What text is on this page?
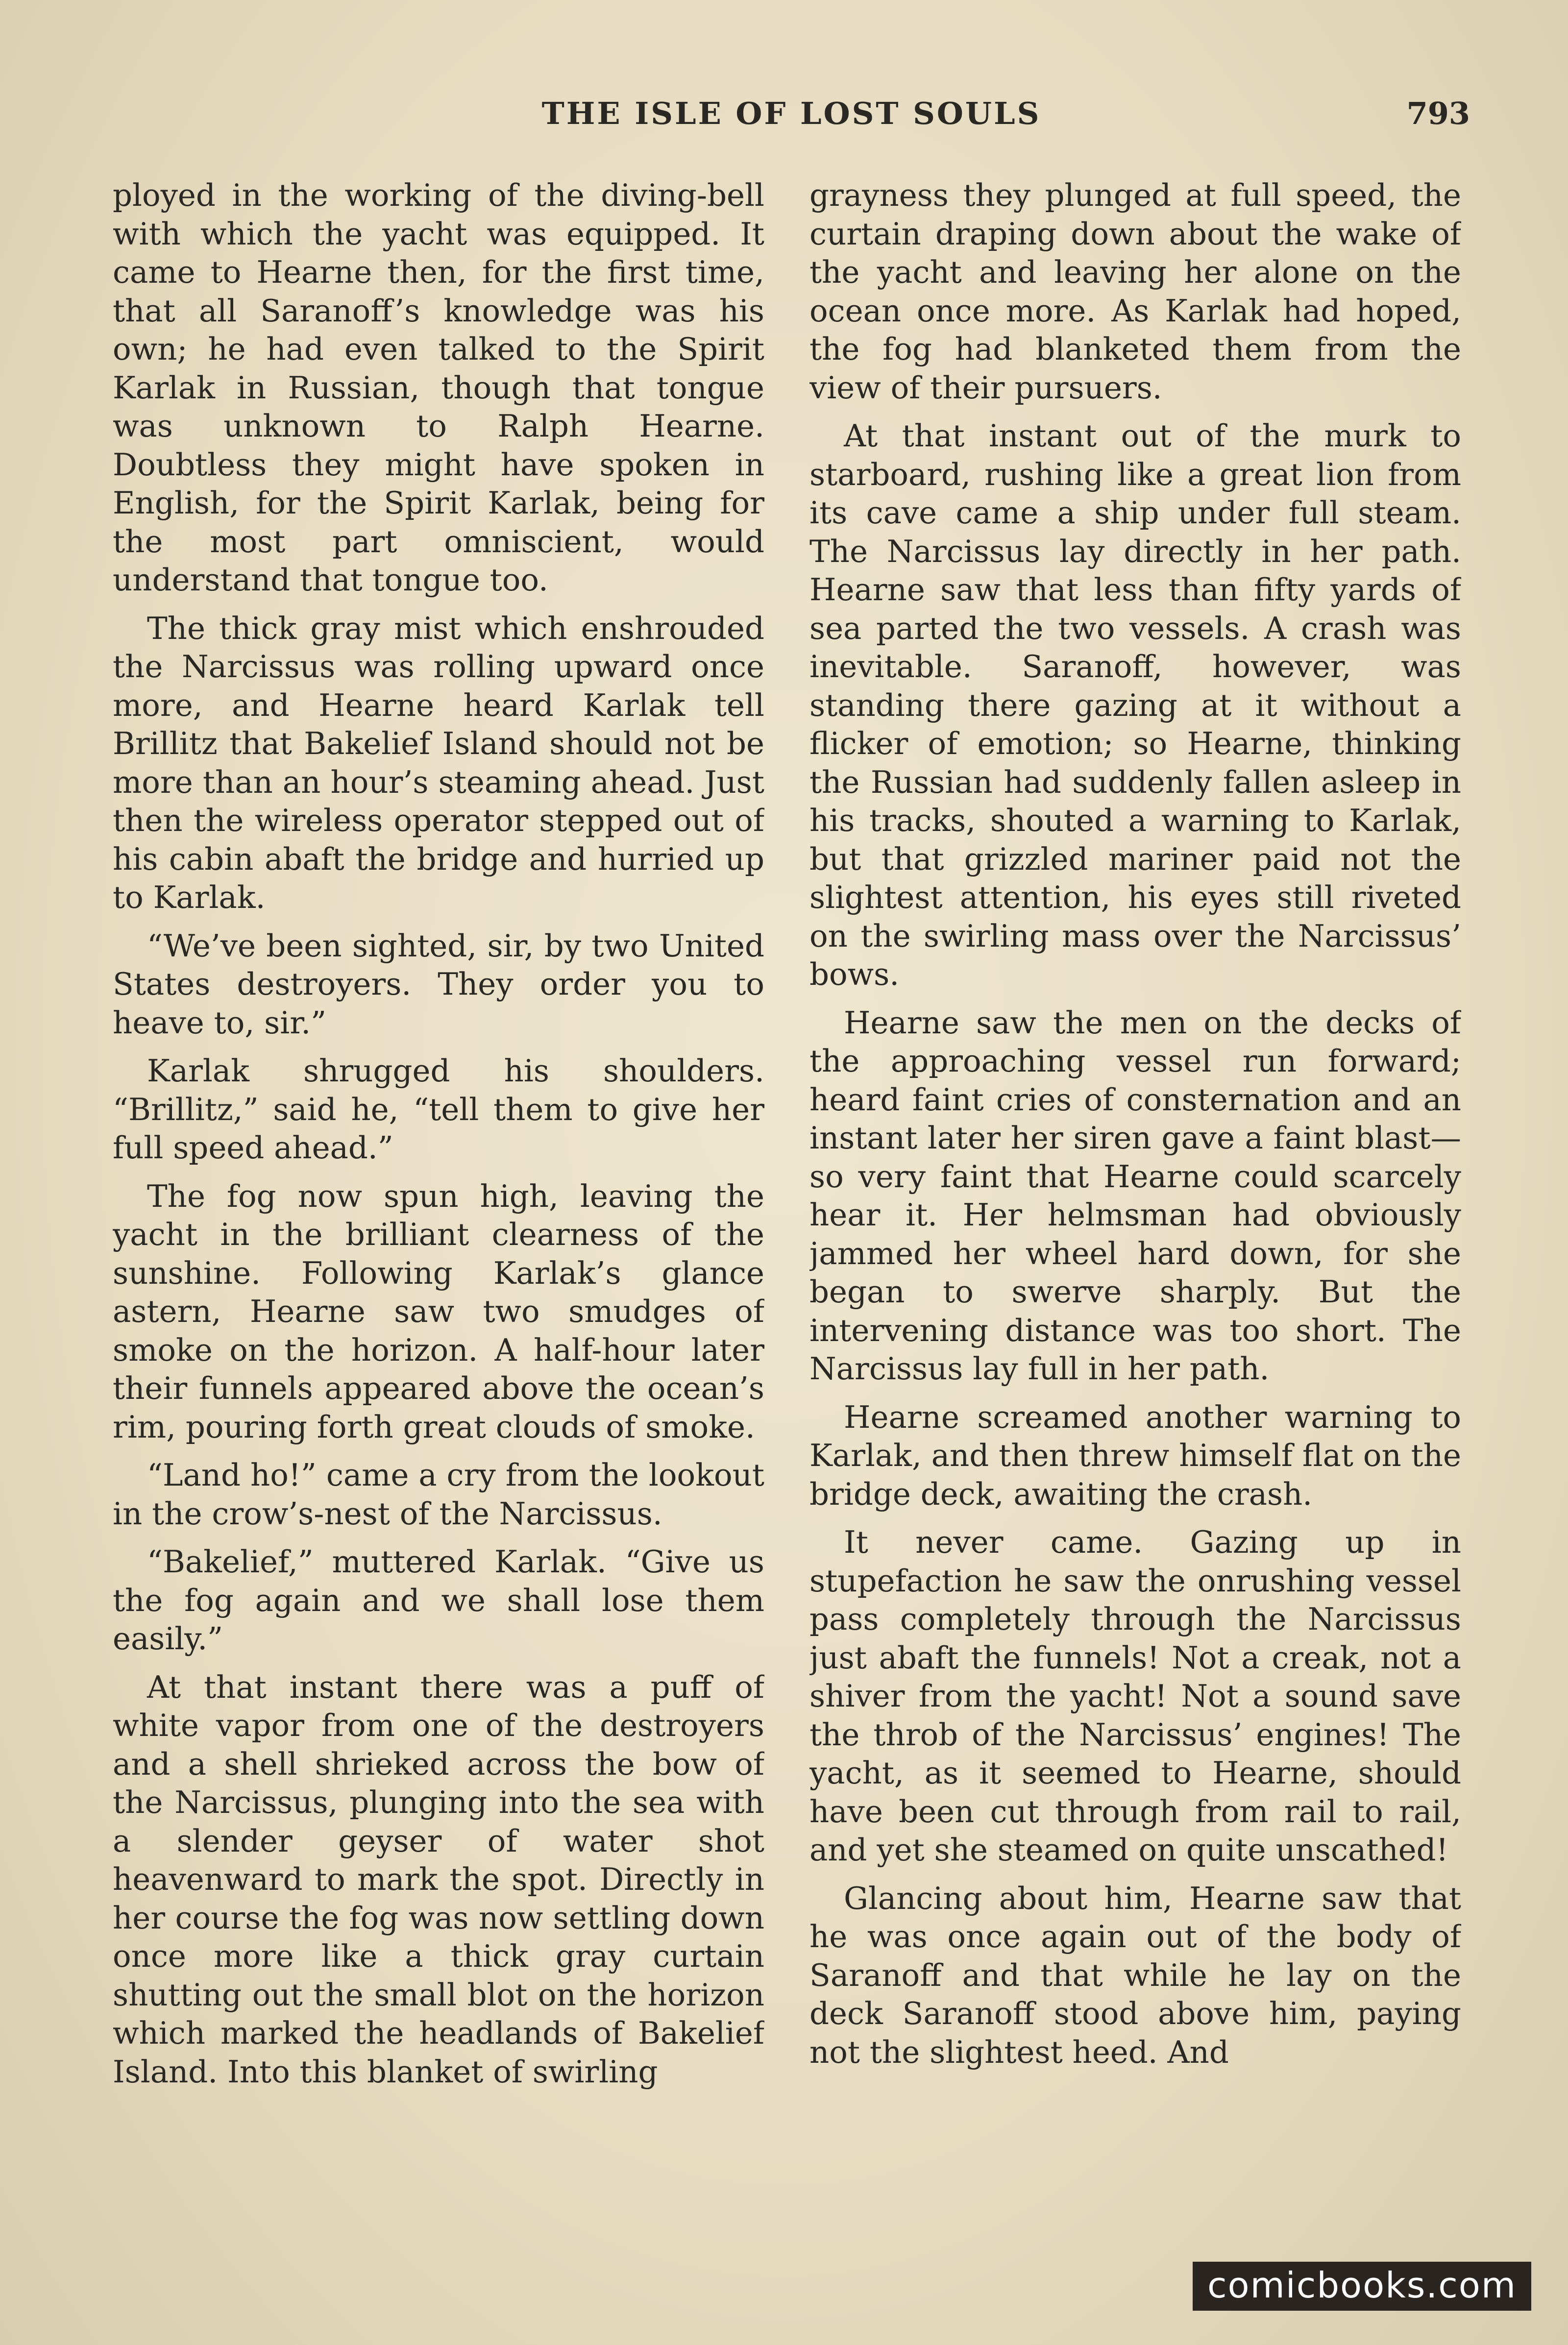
THE ISLE OF LOST SOULS	793

ployed in the working of the diving-bell with which the yacht was equipped. It came to Hearne then, for the first time, that all Saranoff’s knowledge was his own; he had even talked to the Spirit Karlak in Russian, though that tongue was unknown to Ralph Hearne. Doubtless they might have spoken in English, for the Spirit Karlak, being for the most part omniscient, would understand that tongue too.

The thick gray mist which enshrouded the Narcissus was rolling upward once more, and Hearne heard Karlak tell Brillitz that Bakelief Island should not be more than an hour’s steaming ahead. Just then the wireless operator stepped out of his cabin abaft the bridge and hurried up to Karlak.

“We’ve been sighted, sir, by two United States destroyers. They order you to heave to, sir.”

Karlak shrugged his shoulders. “Brillitz,” said he, “tell them to give her full speed ahead.”

The fog now spun high, leaving the yacht in the brilliant clearness of the sunshine. Following Karlak’s glance astern, Hearne saw two smudges of smoke on the horizon. A half-hour later their funnels appeared above the ocean’s rim, pouring forth great clouds of smoke.

“Land ho!” came a cry from the lookout in the crow’s-nest of the Narcissus.

“Bakelief,” muttered Karlak. “Give us the fog again and we shall lose them easily.”

At that instant there was a puff of white vapor from one of the destroyers and a shell shrieked across the bow of the Narcissus, plunging into the sea with a slender geyser of water shot heavenward to mark the spot. Directly in her course the fog was now settling down once more like a thick gray curtain shutting out the small blot on the horizon which marked the headlands of Bakelief Island. Into this blanket of swirling

grayness they plunged at full speed, the curtain draping down about the wake of the yacht and leaving her alone on the ocean once more. As Karlak had hoped, the fog had blanketed them from the view of their pursuers.

At that instant out of the murk to starboard, rushing like a great lion from its cave came a ship under full steam. The Narcissus lay directly in her path. Hearne saw that less than fifty yards of sea parted the two vessels. A crash was inevitable. Saranoff, however, was standing there gazing at it without a flicker of emotion; so Hearne, thinking the Russian had suddenly fallen asleep in his tracks, shouted a warning to Karlak, but that grizzled mariner paid not the slightest attention, his eyes still riveted on the swirling mass over the Narcissus’ bows.

Hearne saw the men on the decks of the approaching vessel run forward; heard faint cries of consternation and an instant later her siren gave a faint blast—so very faint that Hearne could scarcely hear it. Her helmsman had obviously jammed her wheel hard down, for she began to swerve sharply. But the intervening distance was too short. The Narcissus lay full in her path.

Hearne screamed another warning to Karlak, and then threw himself flat on the bridge deck, awaiting the crash.

It never came. Gazing up in stupefaction he saw the onrushing vessel pass completely through the Narcissus just abaft the funnels! Not a creak, not a shiver from the yacht! Not a sound save the throb of the Narcissus’ engines! The yacht, as it seemed to Hearne, should have been cut through from rail to rail, and yet she steamed on quite unscathed!

Glancing about him, Hearne saw that he was once again out of the body of Saranoff and that while he lay on the deck Saranoff stood above him, paying not the slightest heed. And

comicbooks.com
